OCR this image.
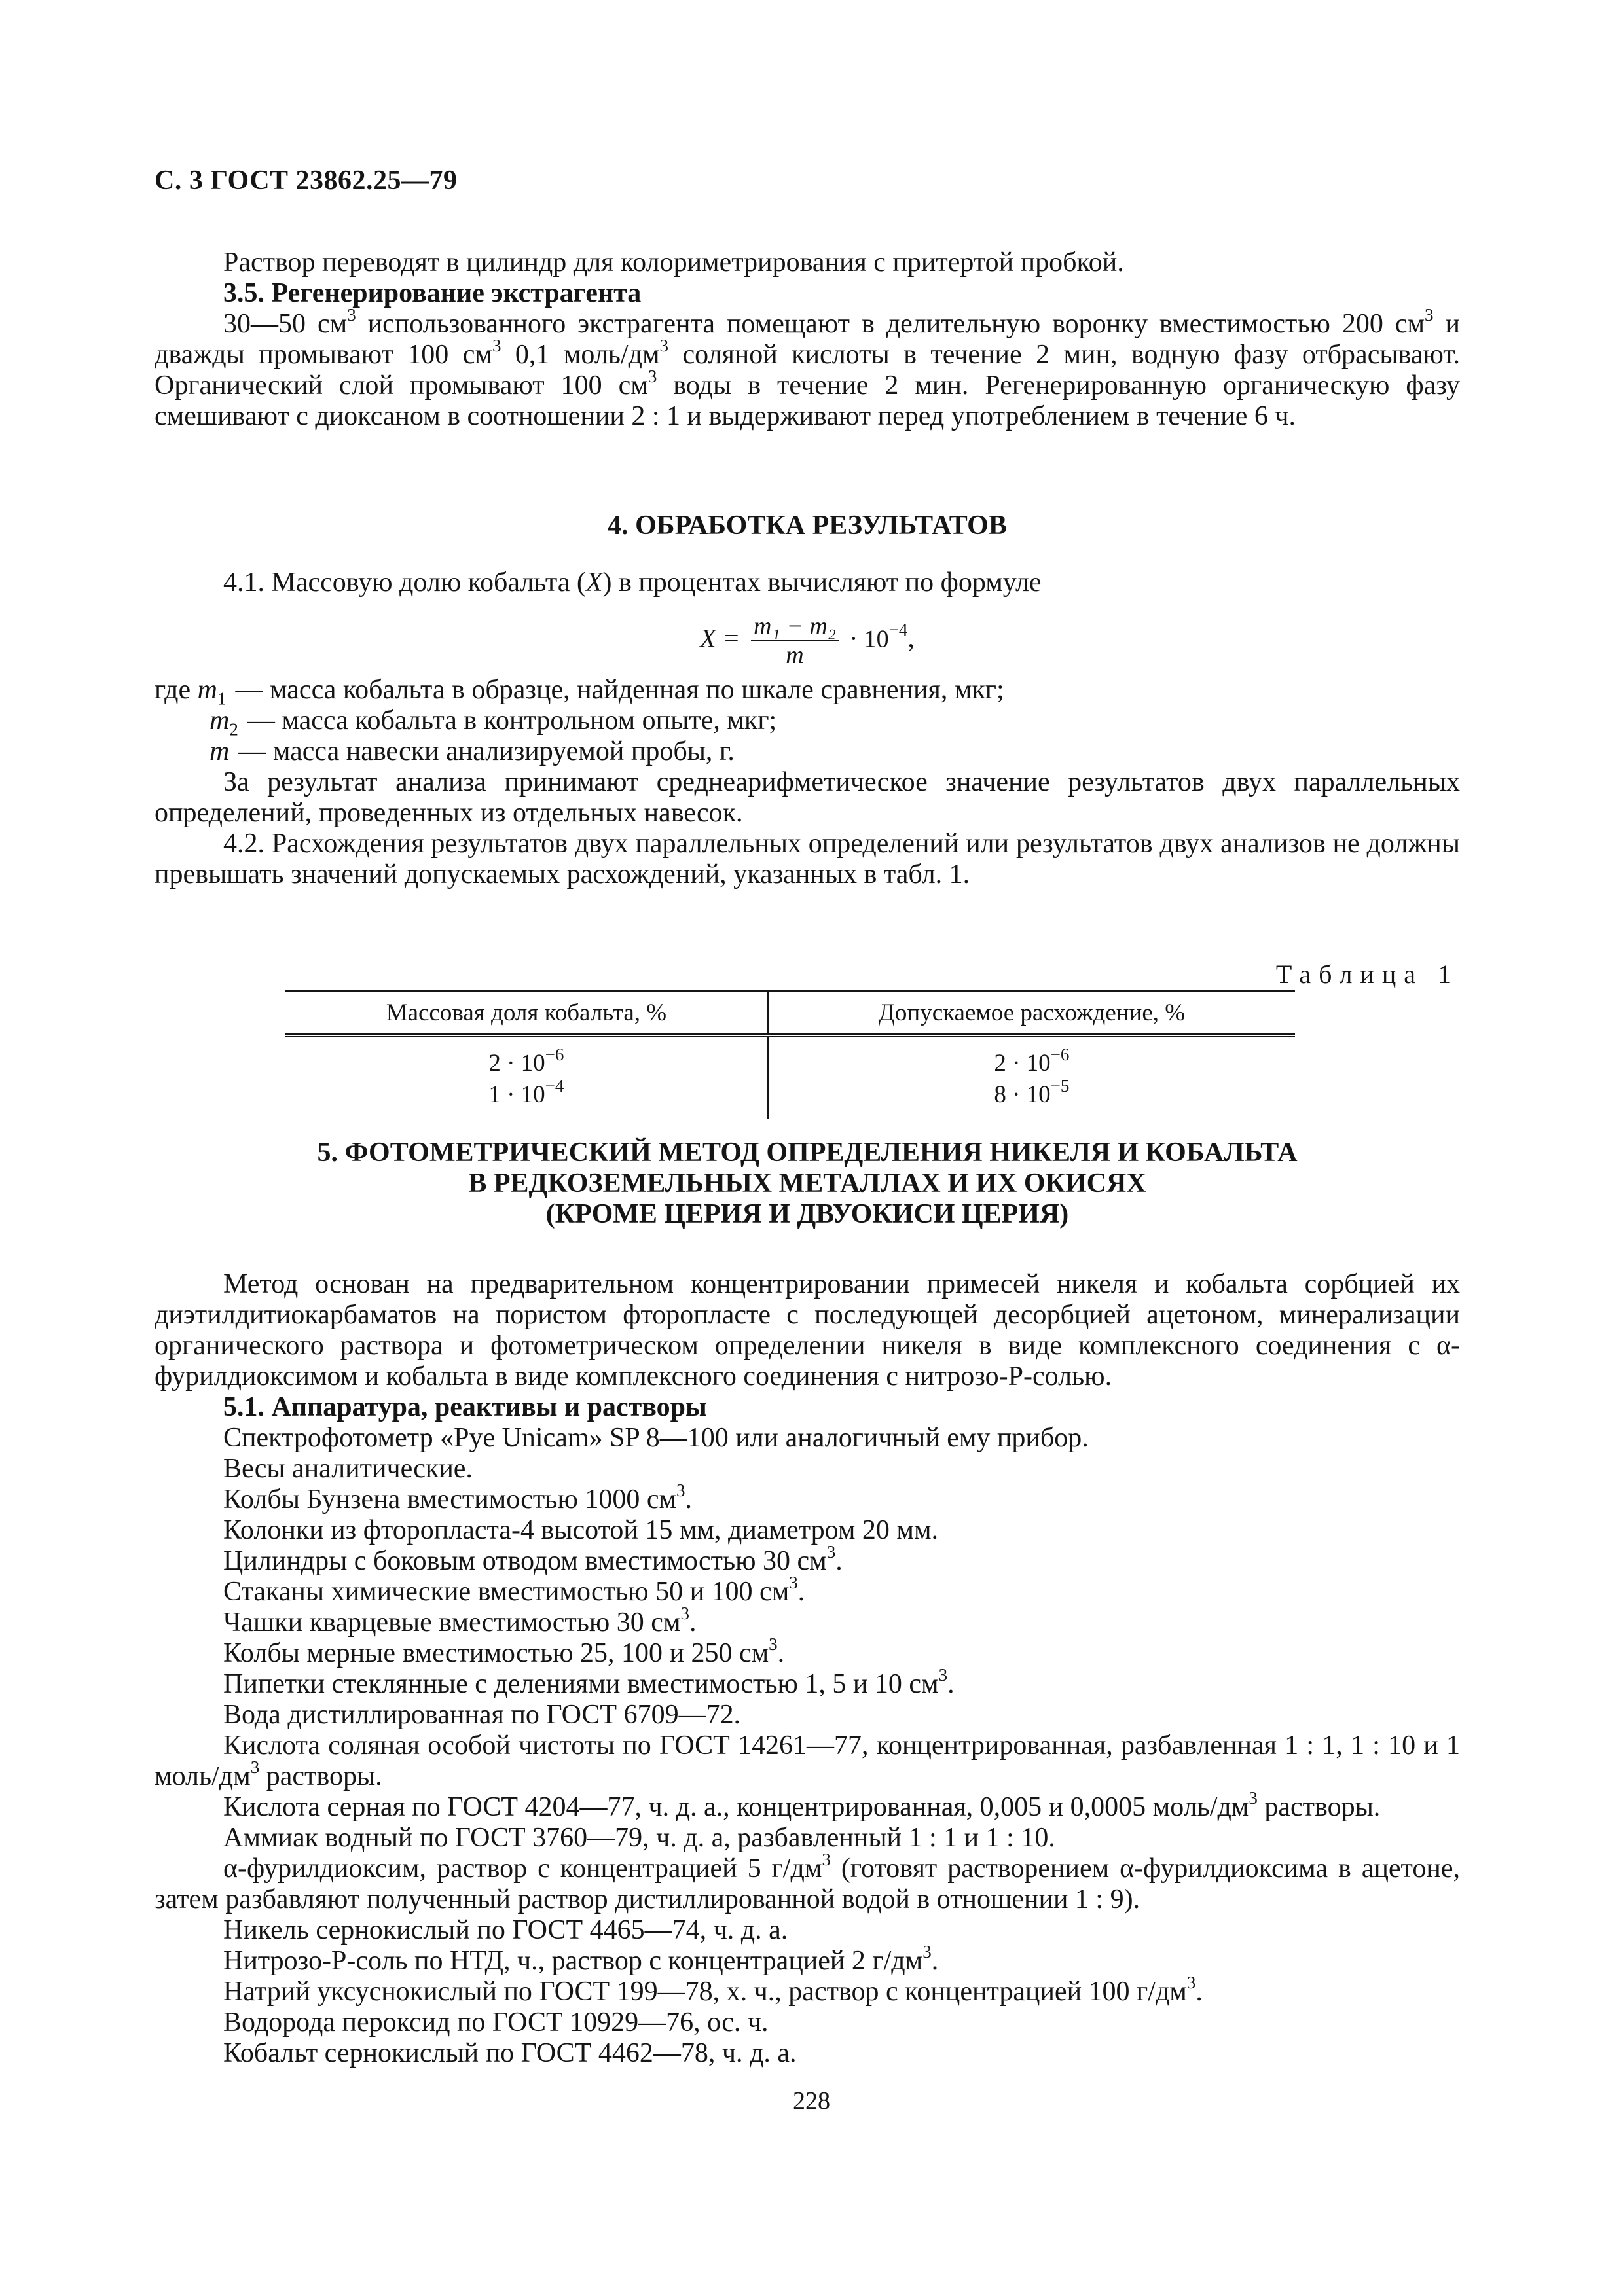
С. 3 ГОСТ 23862.25—79

Раствор переводят в цилиндр для колориметрирования с притертой пробкой.

3.5. Регенерирование экстрагента

30—50 $см^3$ использованного экстрагента помещают в делительную воронку вместимостью 200 $см^3$ и дважды промывают 100 $см^3$ 0,1 моль/$дм^3$ соляной кислоты в течение 2 мин, водную фазу отбрасывают. Органический слой промывают 100 $см^3$ воды в течение 2 мин. Регенерированную органическую фазу смешивают с диоксаном в соотношении 2 : 1 и выдерживают перед употреблением в течение 6 ч.

4. ОБРАБОТКА РЕЗУЛЬТАТОВ

4.1. Массовую долю кобальта (X) в процентах вычисляют по формуле

$X = \frac{\text{m₁ − m₂}}{m} \cdot 10^{-4}$,
где $m_1$ — масса кобальта в образце, найденная по шкале сравнения, мкг;
$m_2$ — масса кобальта в контрольном опыте, мкг;
m — масса навески анализируемой пробы, г.

За результат анализа принимают среднеарифметическое значение результатов двух параллельных определений, проведенных из отдельных навесок.

4.2. Расхождения результатов двух параллельных определений или результатов двух анализов не должны превышать значений допускаемых расхождений, указанных в табл. 1.

Таблица 1
Массовая доля кобальта, %	Допускаемое расхождение, %
$2 \cdot 10^{-6}$	$2 \cdot 10^{-6}$
$1 \cdot 10^{-4}$	$8 \cdot 10^{-5}$

5. ФОТОМЕТРИЧЕСКИЙ МЕТОД ОПРЕДЕЛЕНИЯ НИКЕЛЯ И КОБАЛЬТА

В РЕДКОЗЕМЕЛЬНЫХ МЕТАЛЛАХ И ИХ ОКИСЯХ

(КРОМЕ ЦЕРИЯ И ДВУОКИСИ ЦЕРИЯ)

Метод основан на предварительном концентрировании примесей никеля и кобальта сорбцией их диэтилдитиокарбаматов на пористом фторопласте с последующей десорбцией ацетоном, минерализации органического раствора и фотометрическом определении никеля в виде комплексного соединения с α-фурилдиоксимом и кобальта в виде комплексного соединения с нитрозо-Р-солью.

5.1. Аппаратура, реактивы и растворы

Спектрофотометр «Pye Unicam» SP 8—100 или аналогичный ему прибор.

Весы аналитические.

Колбы Бунзена вместимостью 1000 $см^3$.

Колонки из фторопласта-4 высотой 15 мм, диаметром 20 мм.

Цилиндры с боковым отводом вместимостью 30 $см^3$.

Стаканы химические вместимостью 50 и 100 $см^3$.

Чашки кварцевые вместимостью 30 $см^3$.

Колбы мерные вместимостью 25, 100 и 250 $см^3$.

Пипетки стеклянные с делениями вместимостью 1, 5 и 10 $см^3$.

Вода дистиллированная по ГОСТ 6709—72.

Кислота соляная особой чистоты по ГОСТ 14261—77, концентрированная, разбавленная 1 : 1, 1 : 10 и 1 моль/$дм^3$ растворы.

Кислота серная по ГОСТ 4204—77, ч. д. а., концентрированная, 0,005 и 0,0005 моль/$дм^3$ растворы.

Аммиак водный по ГОСТ 3760—79, ч. д. а, разбавленный 1 : 1 и 1 : 10.

α-фурилдиоксим, раствор с концентрацией 5 $г/дм^3$ (готовят растворением α-фурилдиоксима в ацетоне, затем разбавляют полученный раствор дистиллированной водой в отношении 1 : 9).

Никель сернокислый по ГОСТ 4465—74, ч. д. а.

Нитрозо-Р-соль по НТД, ч., раствор с концентрацией 2 $г/дм^3$.

Натрий уксуснокислый по ГОСТ 199—78, х. ч., раствор с концентрацией 100 $г/дм^3$.

Водорода пероксид по ГОСТ 10929—76, ос. ч.

Кобальт сернокислый по ГОСТ 4462—78, ч. д. а.

228
